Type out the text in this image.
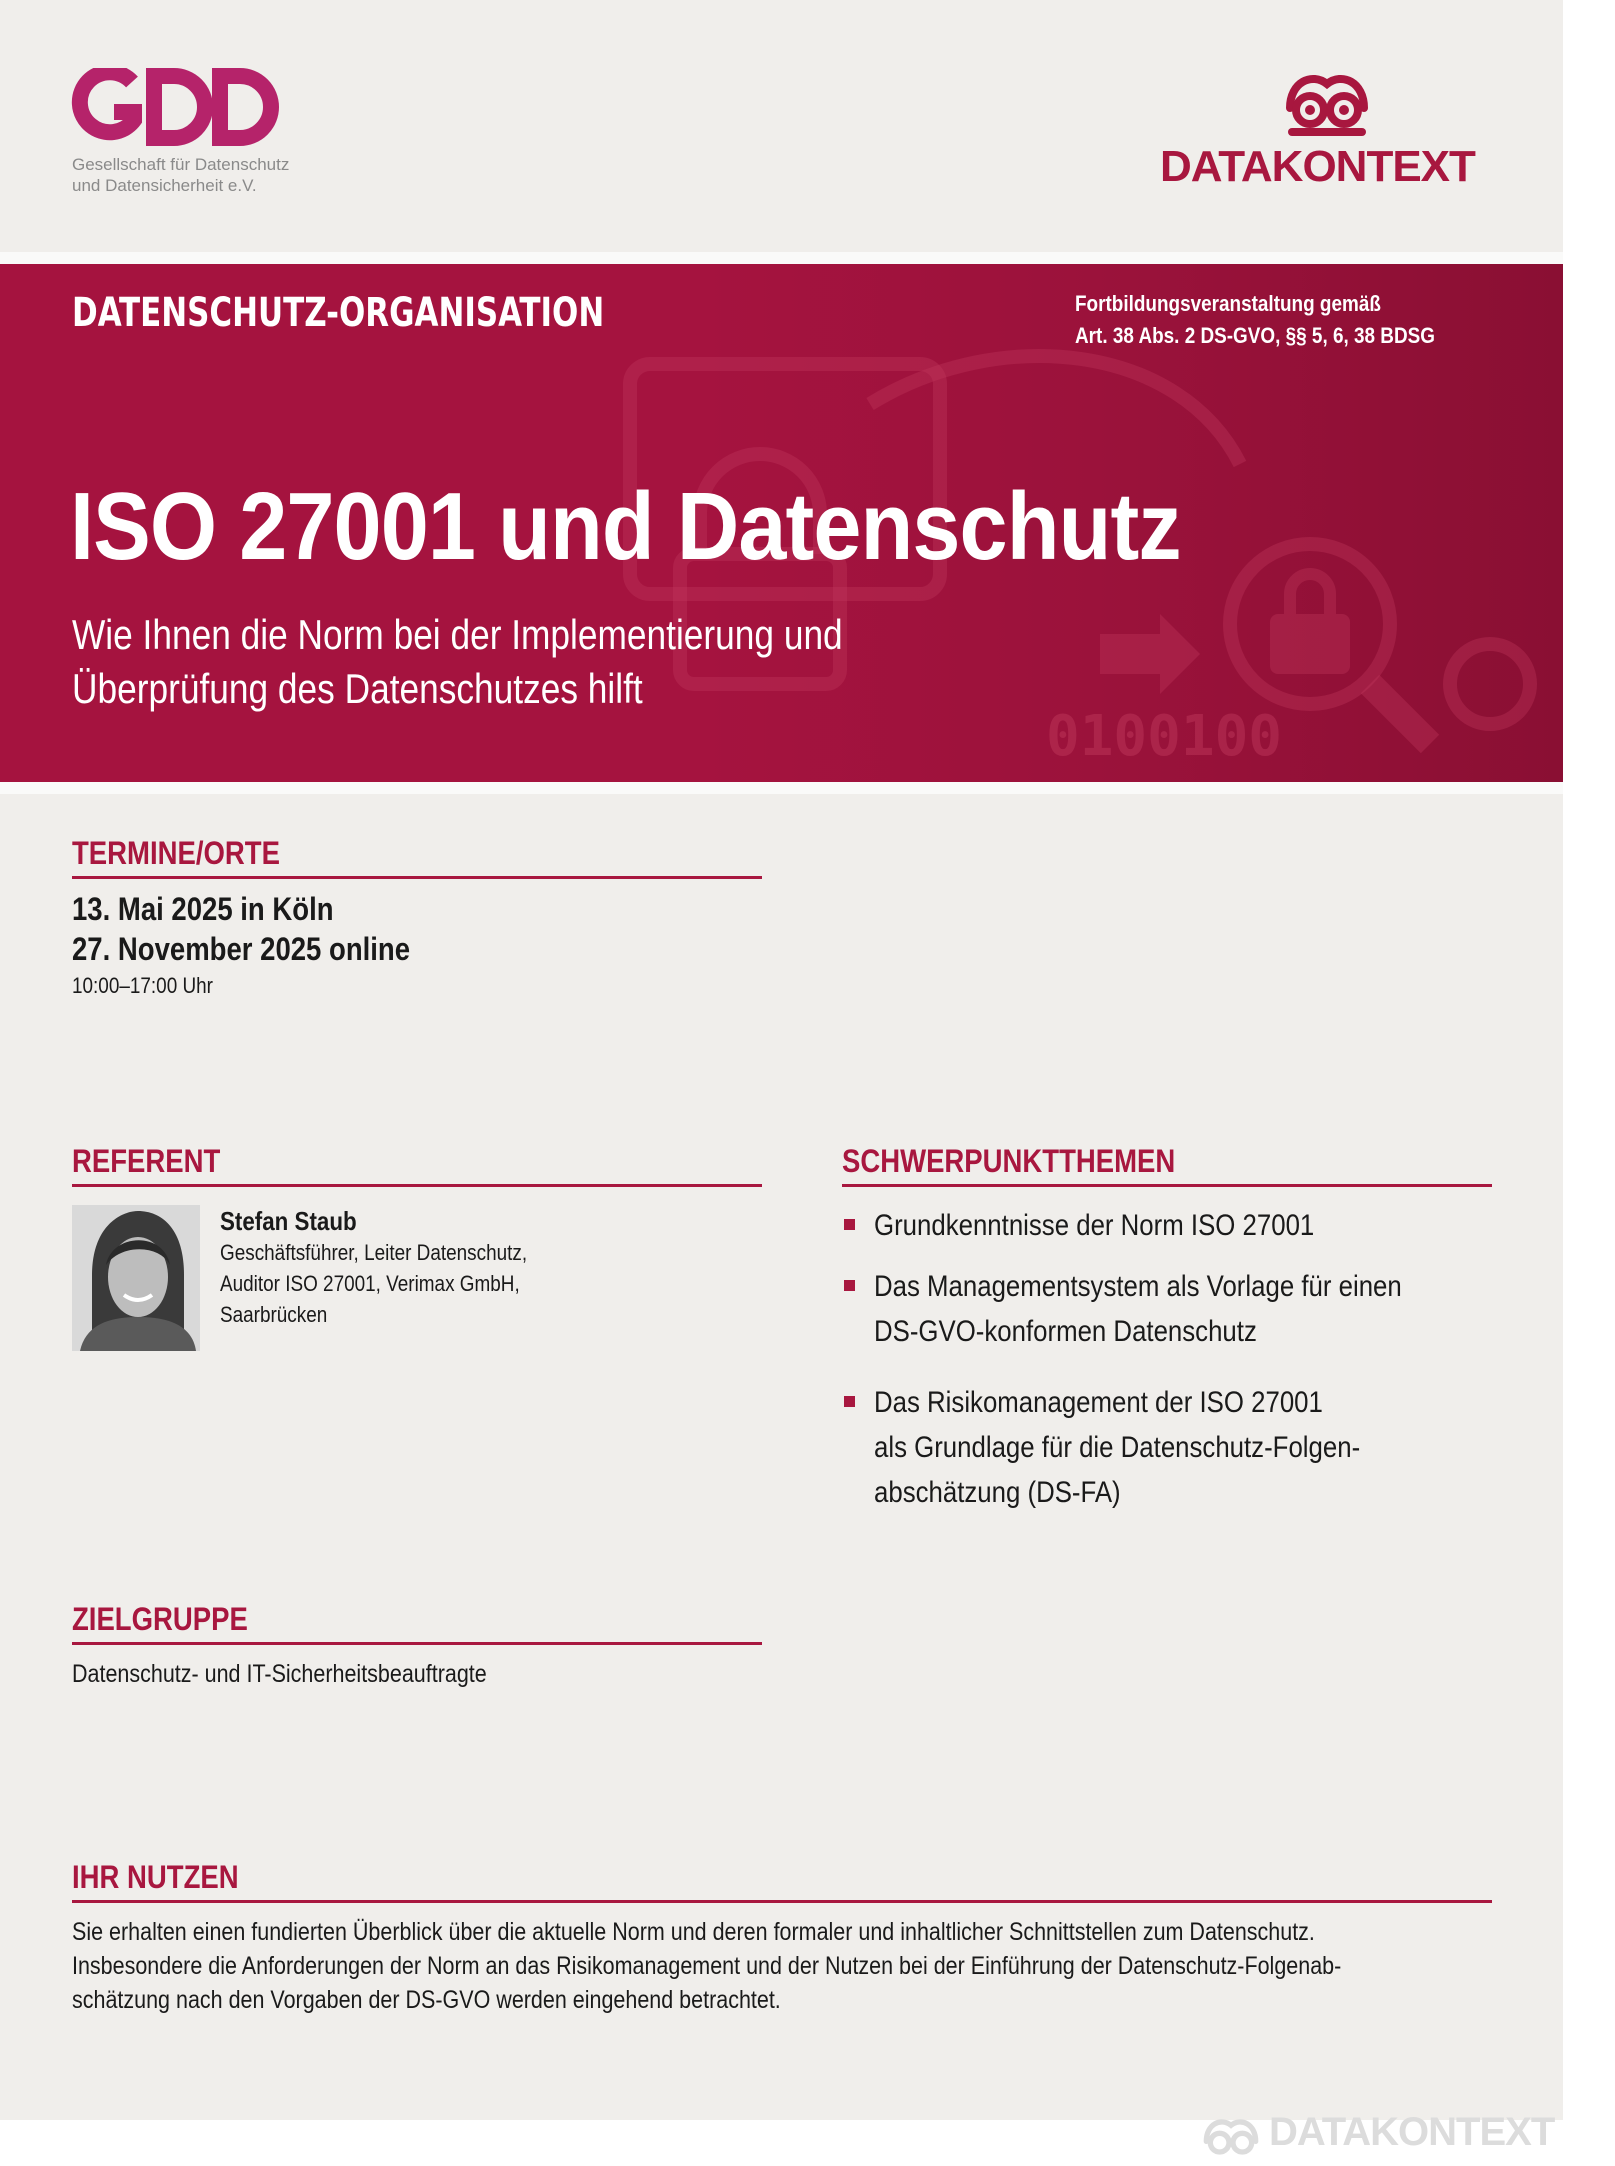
Gesellschaft für Datenschutz
und Datensicherheit e.V.	DATAKONTEXT
DATENSCHUTZ-ORGANISATION	Fortbildungsveranstaltung gemäß
Art. 38 Abs. 2 DS-GVO, §§ 5, 6, 38 BDSG
ISO 27001 und Datenschutz
Wie Ihnen die Norm bei der Implementierung und
Überprüfung des Datenschutzes hilft
0100100
TERMINE/ORTE
13. Mai 2025 in Köln
27. November 2025 online
10:00–17:00 Uhr
REFERENT
Stefan Staub
Geschäftsführer, Leiter Datenschutz,
Auditor ISO 27001, Verimax GmbH,
Saarbrücken
SCHWERPUNKTTHEMEN
Grundkenntnisse der Norm ISO 27001
Das Managementsystem als Vorlage für einen
DS-GVO-konformen Datenschutz
Das Risikomanagement der ISO 27001
als Grundlage für die Datenschutz-Folgen-
abschätzung (DS-FA)
ZIELGRUPPE
Datenschutz- und IT-Sicherheitsbeauftragte
IHR NUTZEN
Sie erhalten einen fundierten Überblick über die aktuelle Norm und deren formaler und inhaltlicher Schnittstellen zum Datenschutz.
Insbesondere die Anforderungen der Norm an das Risikomanagement und der Nutzen bei der Einführung der Datenschutz-Folgenab-
schätzung nach den Vorgaben der DS-GVO werden eingehend betrachtet.
DATAKONTEXT
